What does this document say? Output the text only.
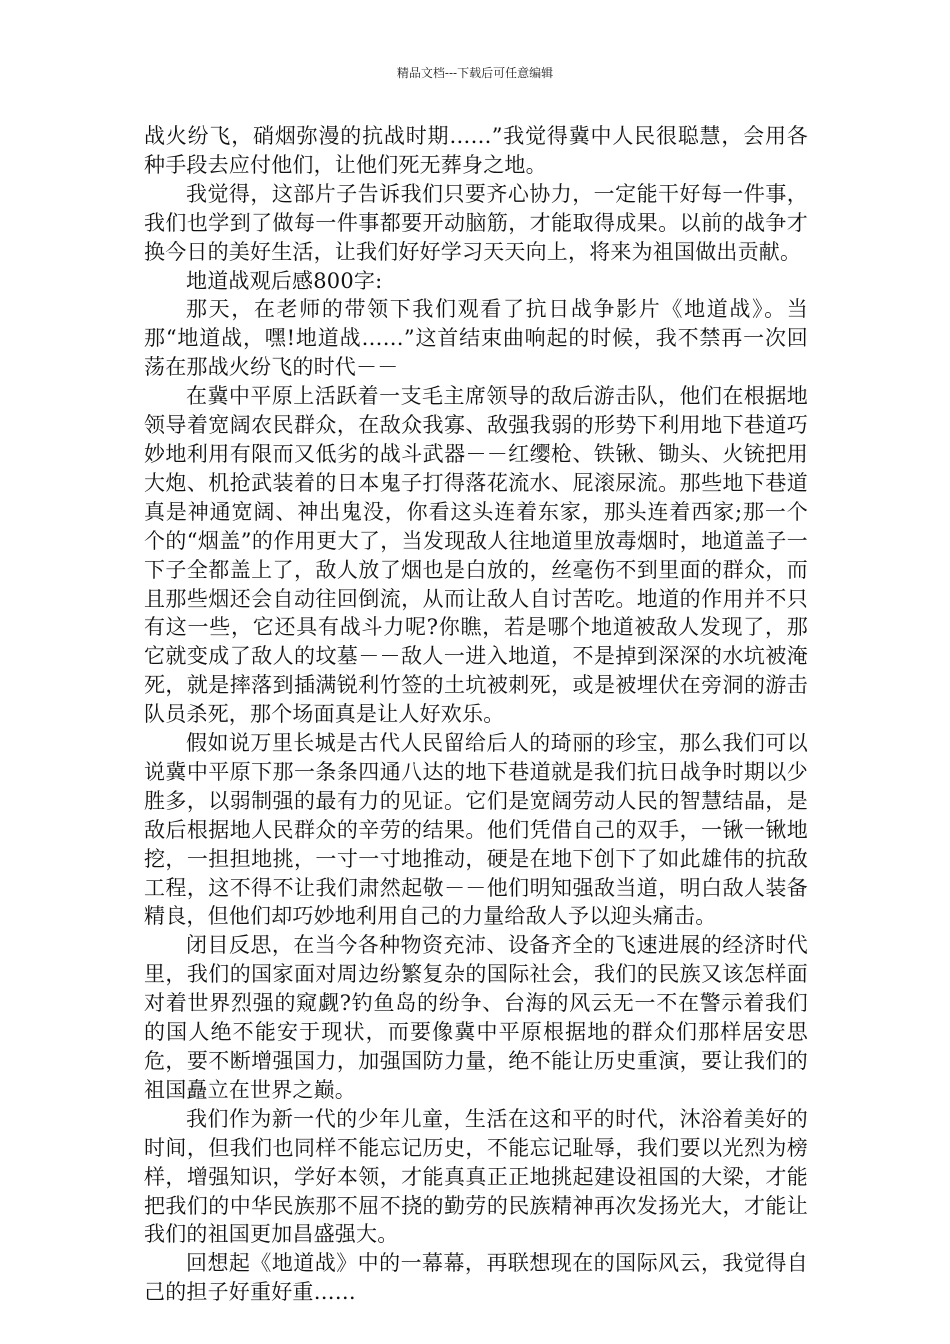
精品文档---下载后可任意编辑

战火纷飞，硝烟弥漫的抗战时期……”我觉得冀中人民很聪慧，会用各种手段去应付他们，让他们死无葬身之地。

我觉得，这部片子告诉我们只要齐心协力，一定能干好每一件事，我们也学到了做每一件事都要开动脑筋，才能取得成果。以前的战争才换今日的美好生活，让我们好好学习天天向上，将来为祖国做出贡献。

地道战观后感800字:

那天，在老师的带领下我们观看了抗日战争影片《地道战》。当那“地道战，嘿!地道战……”这首结束曲响起的时候，我不禁再一次回荡在那战火纷飞的时代－－

在冀中平原上活跃着一支毛主席领导的敌后游击队，他们在根据地领导着宽阔农民群众，在敌众我寡、敌强我弱的形势下利用地下巷道巧妙地利用有限而又低劣的战斗武器－－红缨枪、铁锹、锄头、火铳把用大炮、机抢武装着的日本鬼子打得落花流水、屁滚尿流。那些地下巷道真是神通宽阔、神出鬼没，你看这头连着东家，那头连着西家;那一个个的“烟盖”的作用更大了，当发现敌人往地道里放毒烟时，地道盖子一下子全都盖上了，敌人放了烟也是白放的，丝毫伤不到里面的群众，而且那些烟还会自动往回倒流，从而让敌人自讨苦吃。地道的作用并不只有这一些，它还具有战斗力呢?你瞧，若是哪个地道被敌人发现了，那它就变成了敌人的坟墓－－敌人一进入地道，不是掉到深深的水坑被淹死，就是摔落到插满锐利竹签的土坑被刺死，或是被埋伏在旁洞的游击队员杀死，那个场面真是让人好欢乐。

假如说万里长城是古代人民留给后人的琦丽的珍宝，那么我们可以说冀中平原下那一条条四通八达的地下巷道就是我们抗日战争时期以少胜多，以弱制强的最有力的见证。它们是宽阔劳动人民的智慧结晶，是敌后根据地人民群众的辛劳的结果。他们凭借自己的双手，一锹一锹地挖，一担担地挑，一寸一寸地推动，硬是在地下创下了如此雄伟的抗敌工程，这不得不让我们肃然起敬－－他们明知强敌当道，明白敌人装备精良，但他们却巧妙地利用自己的力量给敌人予以迎头痛击。

闭目反思，在当今各种物资充沛、设备齐全的飞速进展的经济时代里，我们的国家面对周边纷繁复杂的国际社会，我们的民族又该怎样面对着世界烈强的窥觑?钓鱼岛的纷争、台海的风云无一不在警示着我们的国人绝不能安于现状，而要像冀中平原根据地的群众们那样居安思危，要不断增强国力，加强国防力量，绝不能让历史重演，要让我们的祖国矗立在世界之巅。

我们作为新一代的少年儿童，生活在这和平的时代，沐浴着美好的时间，但我们也同样不能忘记历史，不能忘记耻辱，我们要以光烈为榜样，增强知识，学好本领，才能真真正正地挑起建设祖国的大梁，才能把我们的中华民族那不屈不挠的勤劳的民族精神再次发扬光大，才能让我们的祖国更加昌盛强大。

回想起《地道战》中的一幕幕，再联想现在的国际风云，我觉得自己的担子好重好重……
